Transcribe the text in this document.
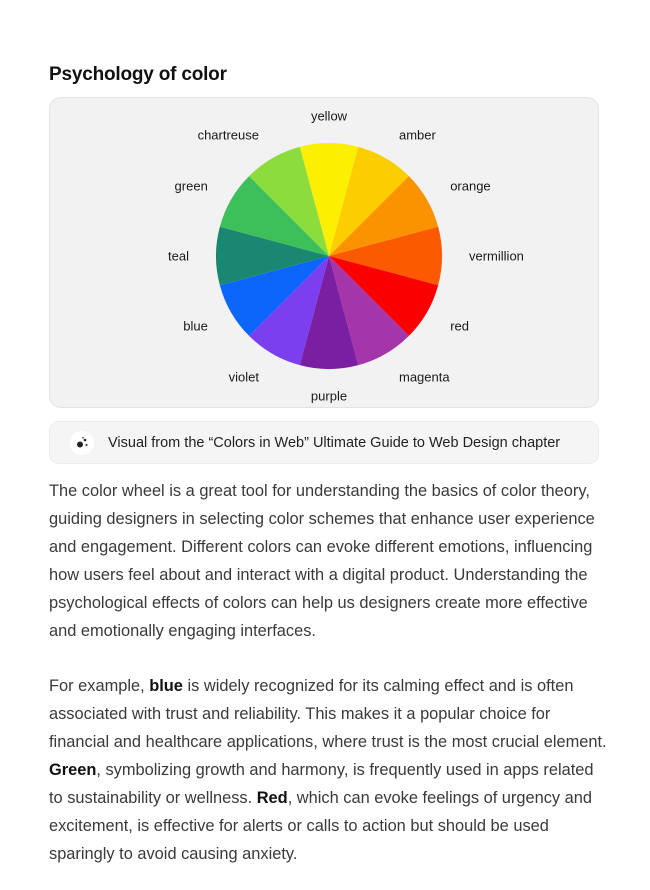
Psychology of color
yellow
amber
orange
vermillion
red
magenta
purple
violet
blue
teal
green
chartreuse
Visual from the “Colors in Web” Ultimate Guide to Web Design chapter

The color wheel is a great tool for understanding the basics of color theory, guiding designers in selecting color schemes that enhance user experience and engagement. Different colors can evoke different emotions, influencing how users feel about and interact with a digital product. Understanding the psychological effects of colors can help us designers create more effective and emotionally engaging interfaces.

For example, blue is widely recognized for its calming effect and is often associated with trust and reliability. This makes it a popular choice for financial and healthcare applications, where trust is the most crucial element. Green, symbolizing growth and harmony, is frequently used in apps related to sustainability or wellness. Red, which can evoke feelings of urgency and excitement, is effective for alerts or calls to action but should be used sparingly to avoid causing anxiety.
